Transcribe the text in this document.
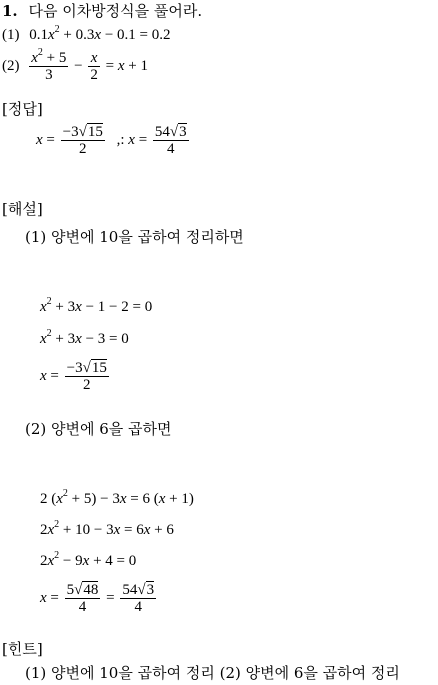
1. 다음 이차방정식을 풀어라.
(1) $0.1x^2 + 0.3x - 0.1 = 0.2$
$(2) \frac{x^2 + 5}{3} - \frac{x}{2} = x + 1$
[정답]
$x = \frac{-3√15}{2}$ ,: $x = \frac{54√3}{4}$
[해설]
(1) 양변에 10을 곱하여 정리하면
$x^2 + 3x - 1 - 2 = 0$
$x^2 + 3x - 3 = 0$
$x = \frac{-3√15}{2}$
(2) 양변에 6을 곱하면
2 $(x^2 + 5) - 3x = 6$ (x + 1)
$2x^2 + 10 - 3x = 6x + 6$
$2x^2 - 9x + 4 = 0$
$x = \frac{5√48}{4} = \frac{54√3}{4}$
[힌트]
(1) 양변에 10을 곱하여 정리 (2) 양변에 6을 곱하여 정리
